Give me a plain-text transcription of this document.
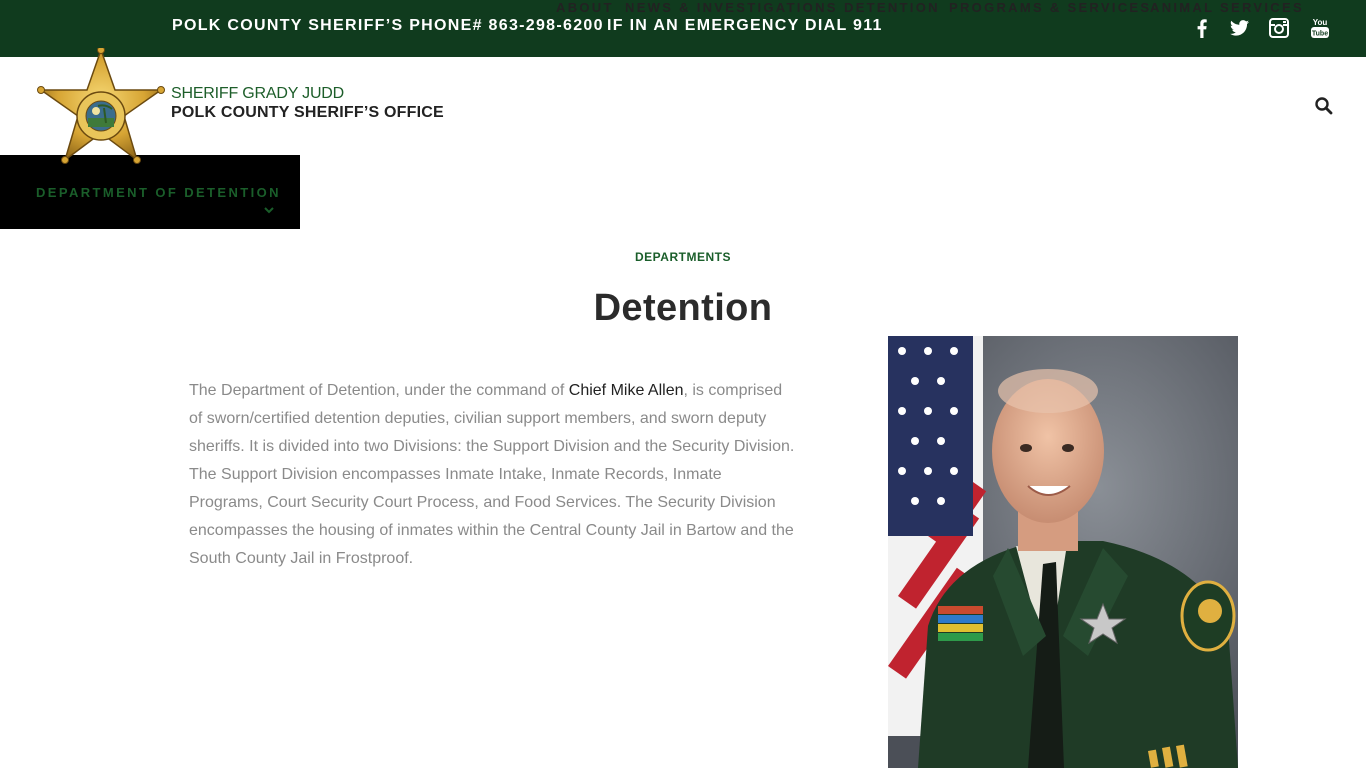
POLK COUNTY SHERIFF’S PHONE# 863-298-6200 IF IN AN EMERGENCY DIAL 911	You
Tube
SHERIFF GRADY JUDD
POLK COUNTY SHERIFF’S OFFICE
ABOUT NEWS & INVESTIGATIONS DETENTION PROGRAMS & SERVICES
ANIMAL SERVICES
DEPARTMENT OF DETENTION
DEPARTMENTS
Detention

The Department of Detention, under the command of Chief Mike Allen, is comprised of sworn/certified detention deputies, civilian support members, and sworn deputy sheriffs. It is divided into two Divisions: the Support Division and the Security Division. The Support Division encompasses Inmate Intake, Inmate Records, Inmate Programs, Court Security Court Process, and Food Services. The Security Division encompasses the housing of inmates within the Central County Jail in Bartow and the South County Jail in Frostproof.
